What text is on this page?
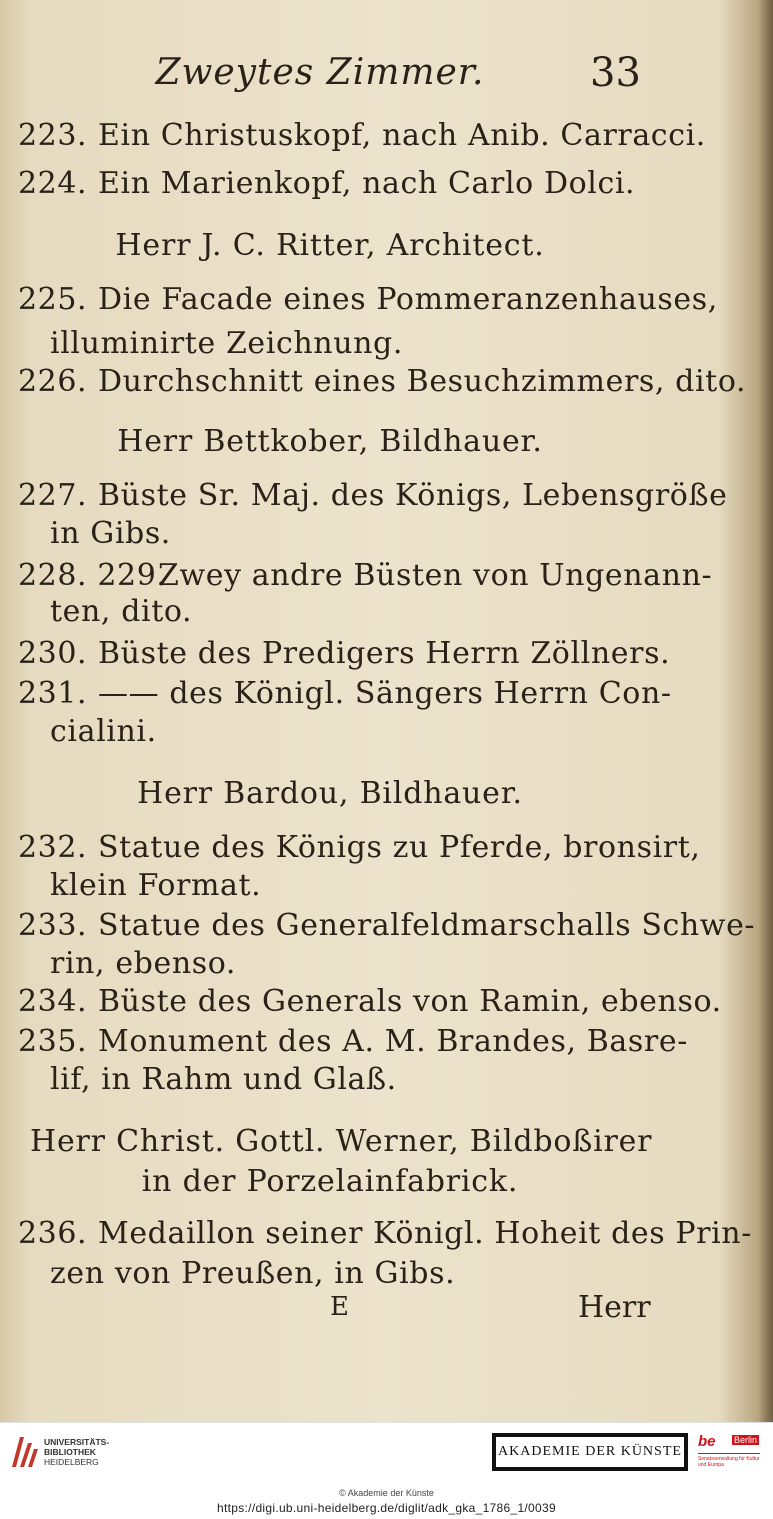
Zweytes Zimmer.	33
223. Ein Christuskopf, nach Anib. Carracci.
224. Ein Marienkopf, nach Carlo Dolci.
Herr J. C. Ritter, Architect.
225. Die Facade eines Pommeranzenhauses,
illuminirte Zeichnung.
226. Durchschnitt eines Besuchzimmers, dito.
Herr Bettkober, Bildhauer.
227. Büste Sr. Maj. des Königs, Lebensgröße
in Gibs.
228. 229.Zwey andre Büsten von Ungenann-
ten, dito.
230. Büste des Predigers Herrn Zöllners.
231. —— des Königl. Sängers Herrn Con-
cialini.
Herr Bardou, Bildhauer.
232. Statue des Königs zu Pferde, bronsirt,
klein Format.
233. Statue des Generalfeldmarschalls Schwe-
rin, ebenso.
234. Büste des Generals von Ramin, ebenso.
235. Monument des A. M. Brandes, Basre-
lif, in Rahm und Glaß.
Herr Christ. Gottl. Werner, Bildboßirer
in der Porzelainfabrick.
236. Medaillon seiner Königl. Hoheit des Prin-
zen von Preußen, in Gibs.
E	Herr
UNIVERSITÄTS-
BIBLIOTHEK
HEIDELBERG
AKADEMIE DER KÜNSTE
be Berlin
Senatsverwaltung für Kultur und Europa
© Akademie der Künste
https://digi.ub.uni-heidelberg.de/diglit/adk_gka_1786_1/0039
